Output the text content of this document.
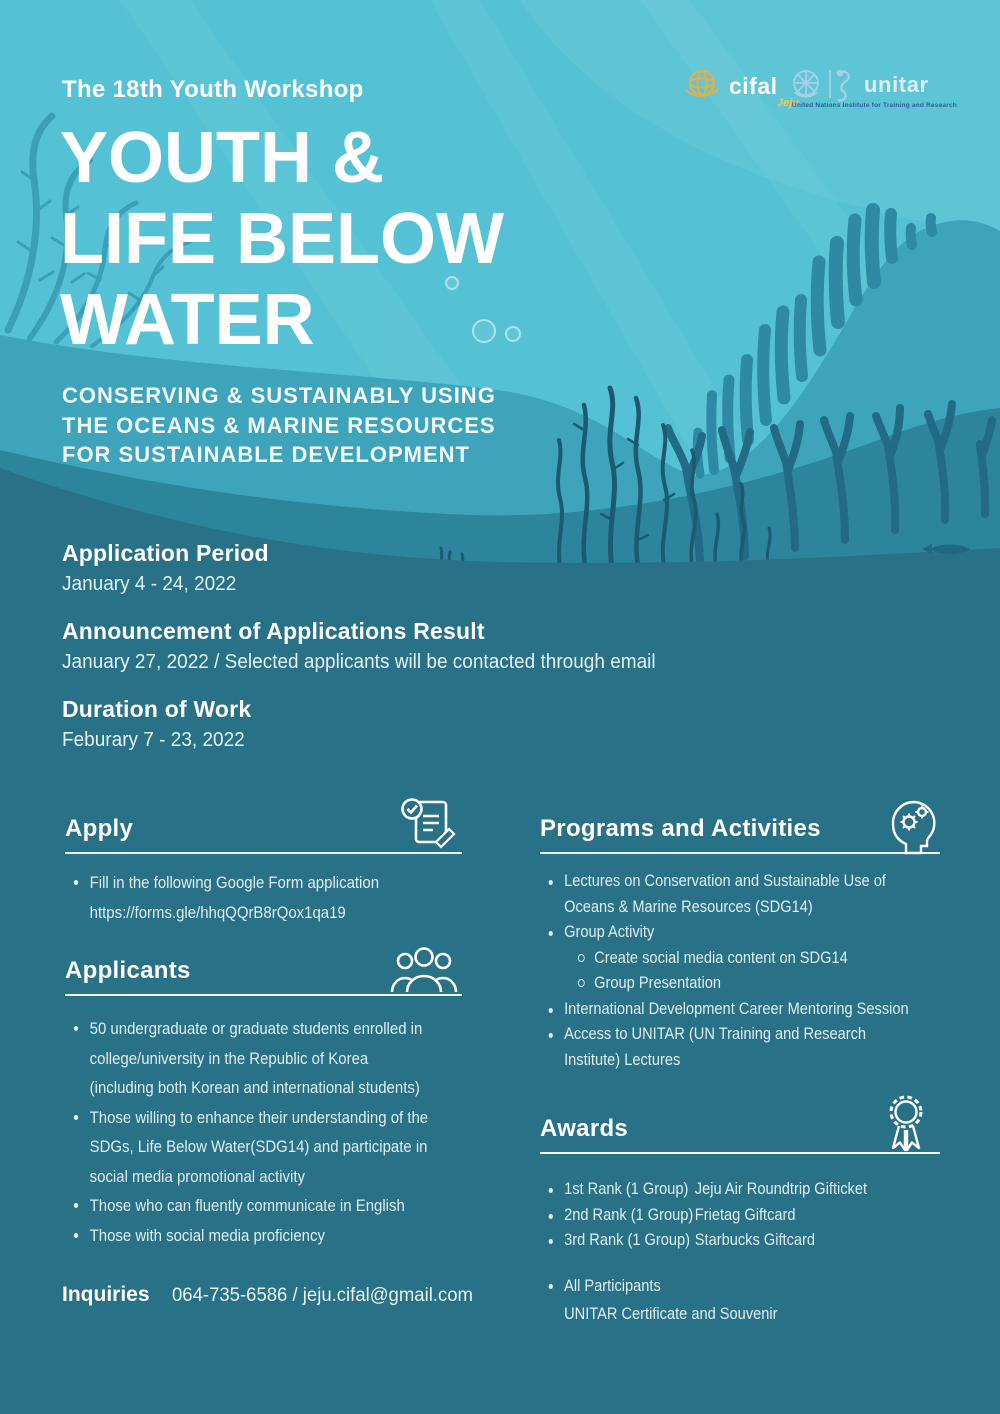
The 18th Youth Workshop
YOUTH &
LIFE BELOW
WATER
CONSERVING & SUSTAINABLY USING
THE OCEANS & MARINE RESOURCES
FOR SUSTAINABLE DEVELOPMENT
cifal
Jeju
unitar
United Nations Institute for Training and Research
Application Period
January 4 - 24, 2022
Announcement of Applications Result
January 27, 2022 / Selected applicants will be contacted through email
Duration of Work
Feburary 7 - 23, 2022
Apply
Fill in the following Google Form application
https://forms.gle/hhqQQrB8rQox1qa19
Applicants
50 undergraduate or graduate students enrolled in
college/university in the Republic of Korea
(including both Korean and international students)
Those willing to enhance their understanding of the
SDGs, Life Below Water(SDG14) and participate in
social media promotional activity
Those who can fluently communicate in English
Those with social media proficiency
Inquiries 064-735-6586 / jeju.cifal@gmail.com
Programs and Activities
Lectures on Conservation and Sustainable Use of
Oceans & Marine Resources (SDG14)
Group Activity
Create social media content on SDG14
Group Presentation
International Development Career Mentoring Session
Access to UNITAR (UN Training and Research
Institute) Lectures
Awards
1st Rank (1 Group) Jeju Air Roundtrip Gifticket
2nd Rank (1 Group) Frietag Giftcard
3rd Rank (1 Group) Starbucks Giftcard
All Participants
UNITAR Certificate and Souvenir
